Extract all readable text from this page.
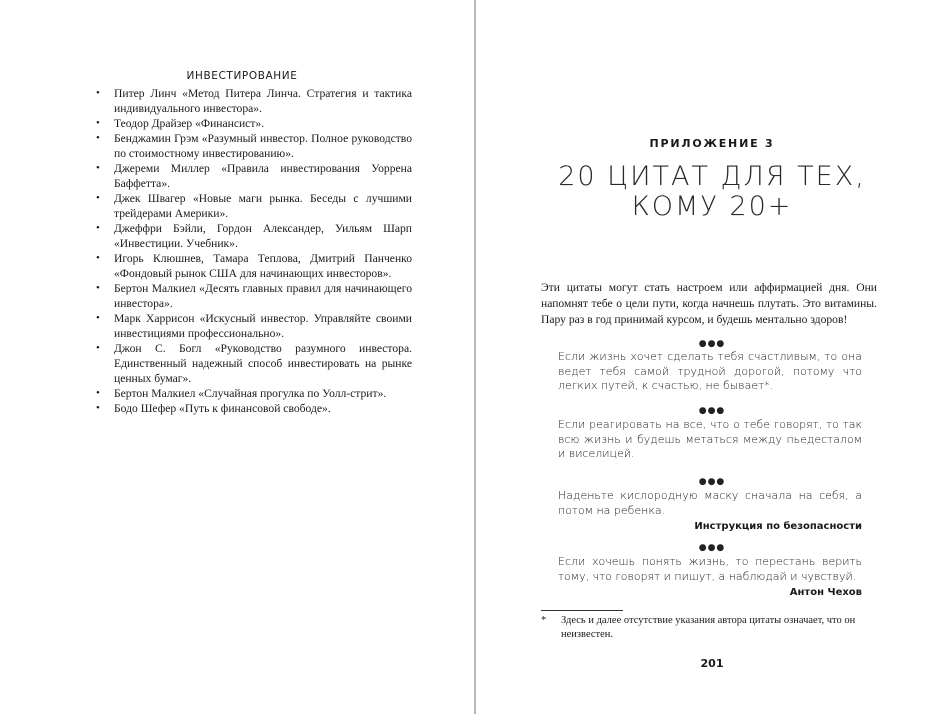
ИНВЕСТИРОВАНИЕ
• Питер Линч «Метод Питера Линча. Стратегия и тактика индивидуального инвестора».
• Теодор Драйзер «Финансист».
• Бенджамин Грэм «Разумный инвестор. Полное руководство по стоимостному инвестированию».
• Джереми Миллер «Правила инвестирования Уоррена Баффетта».
• Джек Швагер «Новые маги рынка. Беседы с лучшими трейдерами Америки».
• Джеффри Бэйли, Гордон Александер, Уильям Шарп «Инвестиции. Учебник».
• Игорь Клюшнев, Тамара Теплова, Дмитрий Панченко «Фондовый рынок США для начинающих инвесторов».
• Бертон Малкиел «Десять главных правил для начинающего инвестора».
• Марк Харрисон «Искусный инвестор. Управляйте своими инвестициями профессионально».
• Джон С. Богл «Руководство разумного инвестора. Единственный надежный способ инвестировать на рынке ценных бумаг».
• Бертон Малкиел «Случайная прогулка по Уолл-стрит».
• Бодо Шефер «Путь к финансовой свободе».
ПРИЛОЖЕНИЕ 3
20 ЦИТАТ ДЛЯ ТЕХ,
КОМУ 20+
Эти цитаты могут стать настроем или аффирмацией дня. Они напомнят тебе о цели пути, когда начнешь плутать. Это витамины. Пару раз в год принимай курсом, и будешь ментально здоров!
●●●
Если жизнь хочет сделать тебя счастливым, то она ведет тебя самой трудной дорогой, потому что легких путей, к счастью, не бывает*.
●●●
Если реагировать на все, что о тебе говорят, то так всю жизнь и будешь метаться между пьедесталом и виселицей.
●●●
Наденьте кислородную маску сначала на себя, а потом на ребенка.
Инструкция по безопасности
●●●
Если хочешь понять жизнь, то перестань верить тому, что говорят и пишут, а наблюдай и чувствуй.
Антон Чехов
* Здесь и далее отсутствие указания автора цитаты означает, что он неизвестен.
201
